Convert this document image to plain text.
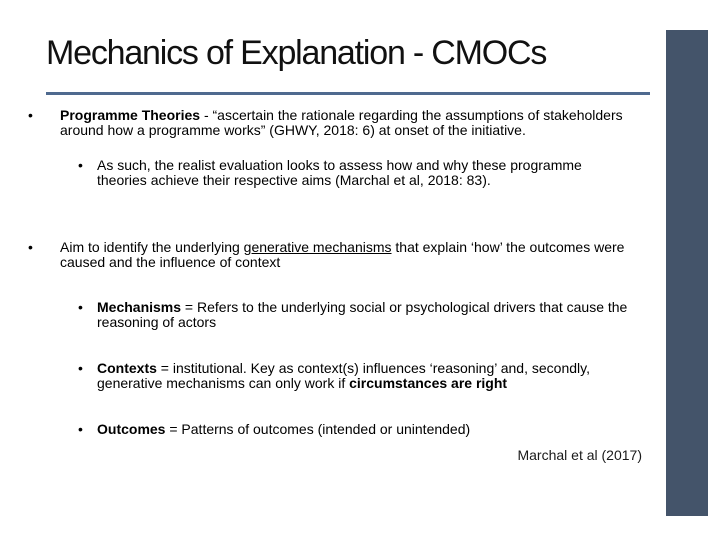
Mechanics of Explanation - CMOCs
•	Programme Theories - “ascertain the rationale regarding the assumptions of stakeholders around how a programme works” (GHWY, 2018: 6) at onset of the initiative.
•	As such, the realist evaluation looks to assess how and why these programme theories achieve their respective aims (Marchal et al, 2018: 83).
•	Aim to identify the underlying generative mechanisms that explain ‘how’ the outcomes were caused and the influence of context
•	Mechanisms = Refers to the underlying social or psychological drivers that cause the reasoning of actors
•	Contexts = institutional. Key as context(s) influences ‘reasoning’ and, secondly, generative mechanisms can only work if circumstances are right
•	Outcomes = Patterns of outcomes (intended or unintended)
Marchal et al (2017)
